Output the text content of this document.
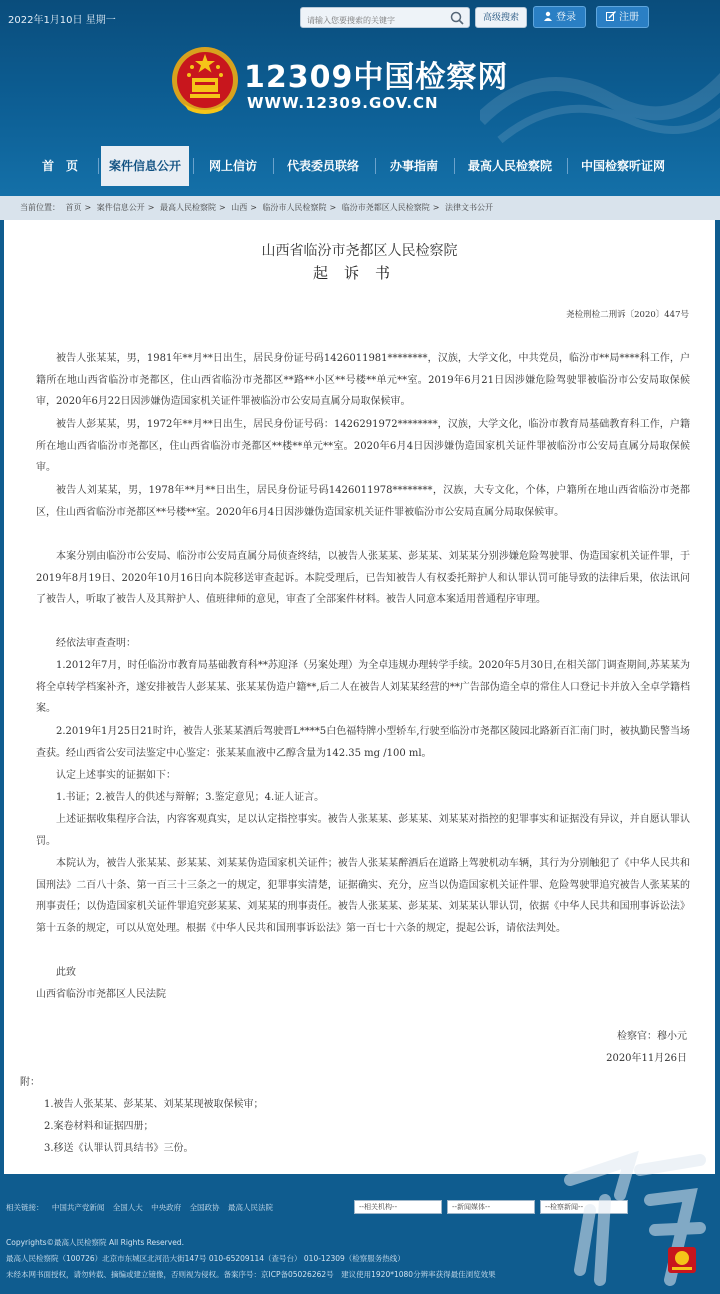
2022年1月10日 星期一
请输入您要搜索的关键字	高级搜索	登录	注册
12309中国检察网
WWW.12309.GOV.CN
首　页	案件信息公开	网上信访	代表委员联络	办事指南	最高人民检察院	中国检察听证网
当前位置： 首页 > 案件信息公开 > 最高人民检察院 > 山西 > 临汾市人民检察院 > 临汾市尧都区人民检察院 > 法律文书公开
山西省临汾市尧都区人民检察院
起诉书
尧检刑检二刑诉〔2020〕447号
被告人张某某，男，1981年**月**日出生，居民身份证号码1426011981********，汉族，大学文化，中共党员，临汾市**局****科工作，户籍所在地山西省临汾市尧都区，住山西省临汾市尧都区**路**小区**号楼**单元**室。2019年6月21日因涉嫌危险驾驶罪被临汾市公安局取保候审，2020年6月22日因涉嫌伪造国家机关证件罪被临汾市公安局直属分局取保候审。
被告人彭某某，男，1972年**月**日出生，居民身份证号码：1426291972********，汉族，大学文化，临汾市教育局基础教育科工作，户籍所在地山西省临汾市尧都区，住山西省临汾市尧都区**楼**单元**室。2020年6月4日因涉嫌伪造国家机关证件罪被临汾市公安局直属分局取保候审。
被告人刘某某，男，1978年**月**日出生，居民身份证号码1426011978********，汉族，大专文化，个体，户籍所在地山西省临汾市尧都区，住山西省临汾市尧都区**号楼**室。2020年6月4日因涉嫌伪造国家机关证件罪被临汾市公安局直属分局取保候审。
本案分别由临汾市公安局、临汾市公安局直属分局侦查终结，以被告人张某某、彭某某、刘某某分别涉嫌危险驾驶罪、伪造国家机关证件罪，于2019年8月19日、2020年10月16日向本院移送审查起诉。本院受理后，已告知被告人有权委托辩护人和认罪认罚可能导致的法律后果，依法讯问了被告人，听取了被告人及其辩护人、值班律师的意见，审查了全部案件材料。被告人同意本案适用普通程序审理。
经依法审查查明：
1.2012年7月，时任临汾市教育局基础教育科**苏迎泽（另案处理）为全卓违规办理转学手续。2020年5月30日,在相关部门调查期间,苏某某为将全卓转学档案补齐，遂安排被告人彭某某、张某某伪造户籍**,后二人在被告人刘某某经营的**广告部伪造全卓的常住人口登记卡并放入全卓学籍档案。
2.2019年1月25日21时许，被告人张某某酒后驾驶晋L****5白色福特牌小型轿车,行驶至临汾市尧都区陵园北路新百汇南门时，被执勤民警当场查获。经山西省公安司法鉴定中心鉴定：张某某血液中乙醇含量为142.35 mg /100 ml。
认定上述事实的证据如下：
1.书证；2.被告人的供述与辩解；3.鉴定意见；4.证人证言。
上述证据收集程序合法，内容客观真实，足以认定指控事实。被告人张某某、彭某某、刘某某对指控的犯罪事实和证据没有异议，并自愿认罪认罚。
本院认为，被告人张某某、彭某某、刘某某伪造国家机关证件；被告人张某某醉酒后在道路上驾驶机动车辆，其行为分别触犯了《中华人民共和国刑法》二百八十条、第一百三十三条之一的规定，犯罪事实清楚，证据确实、充分，应当以伪造国家机关证件罪、危险驾驶罪追究被告人张某某的刑事责任；以伪造国家机关证件罪追究彭某某、刘某某的刑事责任。被告人张某某、彭某某、刘某某认罪认罚，依据《中华人民共和国刑事诉讼法》第十五条的规定，可以从宽处理。根据《中华人民共和国刑事诉讼法》第一百七十六条的规定，提起公诉，请依法判处。
此致
山西省临汾市尧都区人民法院
检察官：穆小元
2020年11月26日
附：
1.被告人张某某、彭某某、刘某某现被取保候审；
2.案卷材料和证据四册；
3.移送《认罪认罚具结书》三份。
相关链接： 中国共产党新闻 全国人大 中央政府 全国政协 最高人民法院	--相关机构--	--新闻媒体--	--检察新闻--
Copyrights©最高人民检察院 All Rights Reserved.
最高人民检察院（100726）北京市东城区北河沿大街147号 010-65209114（查号台） 010-12309（检察服务热线）
未经本网书面授权，请勿转载、摘编或建立镜像，否则视为侵权。备案序号：京ICP备05026262号　建议使用1920*1080分辨率获得最佳浏览效果
